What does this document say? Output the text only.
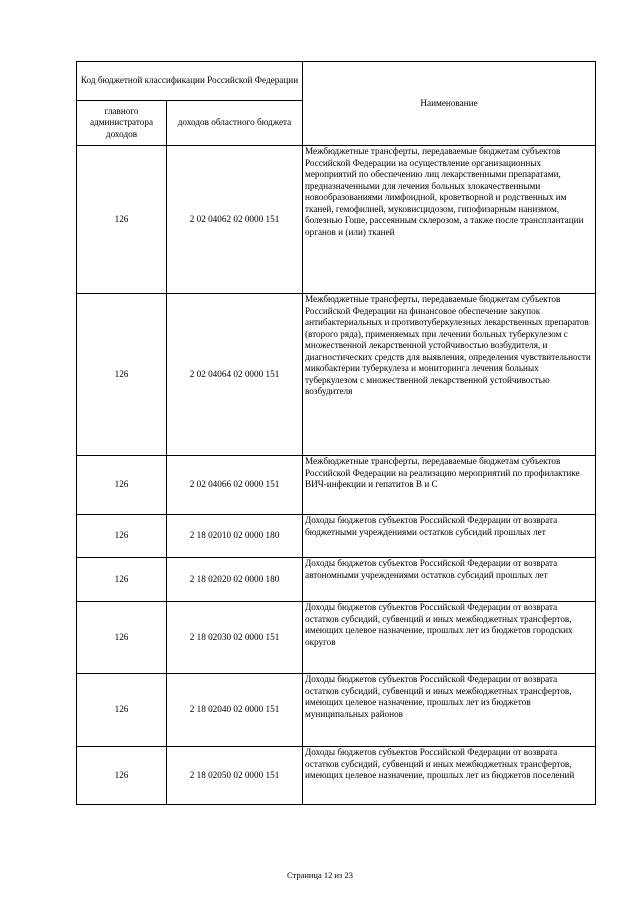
Код бюджетной классификации Российской Федерации		Наименование
главного администратора доходов	доходов областного бюджета	
126	2 02 04062 02 0000 151	Межбюджетные трансферты, передаваемые бюджетам субъектов Российской Федерации на осуществление организационных мероприятий по обеспечению лиц лекарственными препаратами, предназначенными для лечения больных злокачественными новообразованиями лимфоидной, кроветворной и родственных им тканей, гемофилией, муковисцидозом, гипофизарным нанизмом, болезнью Гоше, рассеянным склерозом, а также после трансплантации органов и (или) тканей
126	2 02 04064 02 0000 151	Межбюджетные трансферты, передаваемые бюджетам субъектов Российской Федерации на финансовое обеспечение закупок антибактериальных и противотуберкулезных лекарственных препаратов (второго ряда), применяемых при лечении больных туберкулезом с множественной лекарственной устойчивостью возбудителя, и диагностических средств для выявления, определения чувствительности микобактерии туберкулеза и мониторинга лечения больных туберкулезом с множественной лекарственной устойчивостью возбудителя
126	2 02 04066 02 0000 151	Межбюджетные трансферты, передаваемые бюджетам субъектов Российской Федерации на реализацию мероприятий по профилактике ВИЧ-инфекции и гепатитов В и С
126	2 18 02010 02 0000 180	Доходы бюджетов субъектов Российской Федерации от возврата бюджетными учреждениями остатков субсидий прошлых лет
126	2 18 02020 02 0000 180	Доходы бюджетов субъектов Российской Федерации от возврата автономными учреждениями остатков субсидий прошлых лет
126	2 18 02030 02 0000 151	Доходы бюджетов субъектов Российской Федерации от возврата остатков субсидий, субвенций и иных межбюджетных трансфертов, имеющих целевое назначение, прошлых лет из бюджетов городских округов
126	2 18 02040 02 0000 151	Доходы бюджетов субъектов Российской Федерации от возврата остатков субсидий, субвенций и иных межбюджетных трансфертов, имеющих целевое назначение, прошлых лет из бюджетов муниципальных районов
126	2 18 02050 02 0000 151	Доходы бюджетов субъектов Российской Федерации от возврата остатков субсидий, субвенций и иных межбюджетных трансфертов, имеющих целевое назначение, прошлых лет из бюджетов поселений
Страница 12 из 23
